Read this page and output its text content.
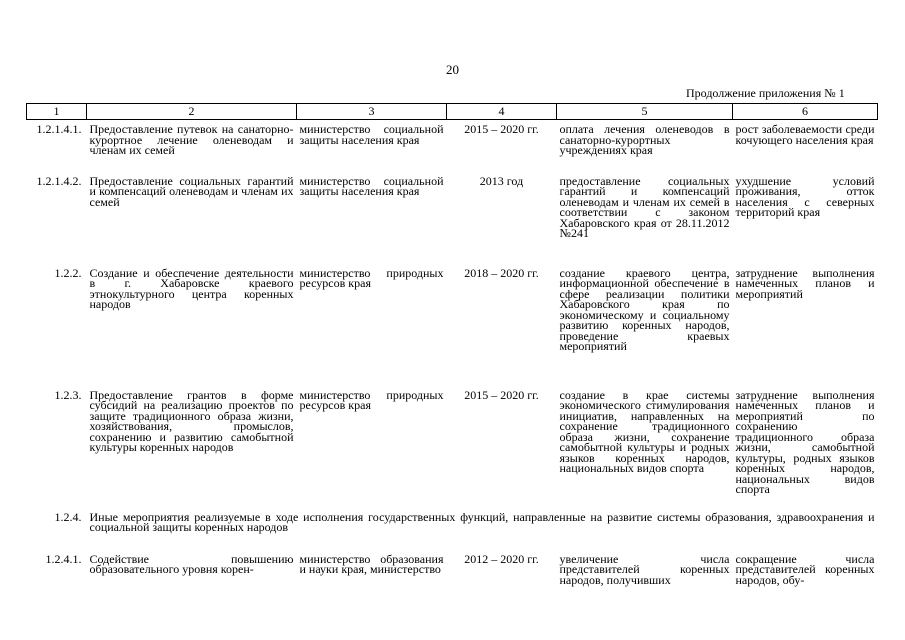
20
Продолжение приложения № 1
1	2	3	4	5	6
1.2.1.4.1.	Предоставление путевок на санаторно-курортное лечение оленеводам и членам их семей	министерство социальной защиты населения края	2015 – 2020 гг.	оплата лечения оленеводов в санаторно-курортных учреждениях края	рост заболеваемости среди кочующего населения края
1.2.1.4.2.	Предоставление социальных гарантий и компенсаций оленеводам и членам их семей	министерство социальной защиты населения края	2013 год	предоставление социальных гарантий и компенсаций оленеводам и членам их семей в соответствии с законом Хабаровского края от 28.11.2012 №241	ухудшение условий проживания, отток населения с северных территорий края
1.2.2.	Создание и обеспечение деятельности в г. Хабаровске краевого этнокультурного центра коренных народов	министерство природных ресурсов края	2018 – 2020 гг.	создание краевого центра, информационной обеспечение в сфере реализации политики Хабаровского края по экономическому и социальному развитию коренных народов, проведение краевых мероприятий	затруднение выполнения намеченных планов и мероприятий
1.2.3.	Предоставление грантов в форме субсидий на реализацию проектов по защите традиционного образа жизни, хозяйствования, промыслов, сохранению и развитию самобытной культуры коренных народов	министерство природных ресурсов края	2015 – 2020 гг.	создание в крае системы экономического стимулирования инициатив, направленных на сохранение традиционного образа жизни, сохранение самобытной культуры и родных языков коренных народов, национальных видов спорта	затруднение выполнения намеченных планов и мероприятий по сохранению традиционного образа жизни, самобытной культуры, родных языков коренных народов, национальных видов спорта
1.2.4.	Иные мероприятия реализуемые в ходе исполнения государственных функций, направленные на развитие системы образования, здравоохранения и социальной защиты коренных народов				
1.2.4.1.	Содействие повышению образовательного уровня корен-	министерство образования и науки края, министерство	2012 – 2020 гг.	увеличение числа представителей коренных народов, получивших	сокращение числа представителей коренных народов, обу-
